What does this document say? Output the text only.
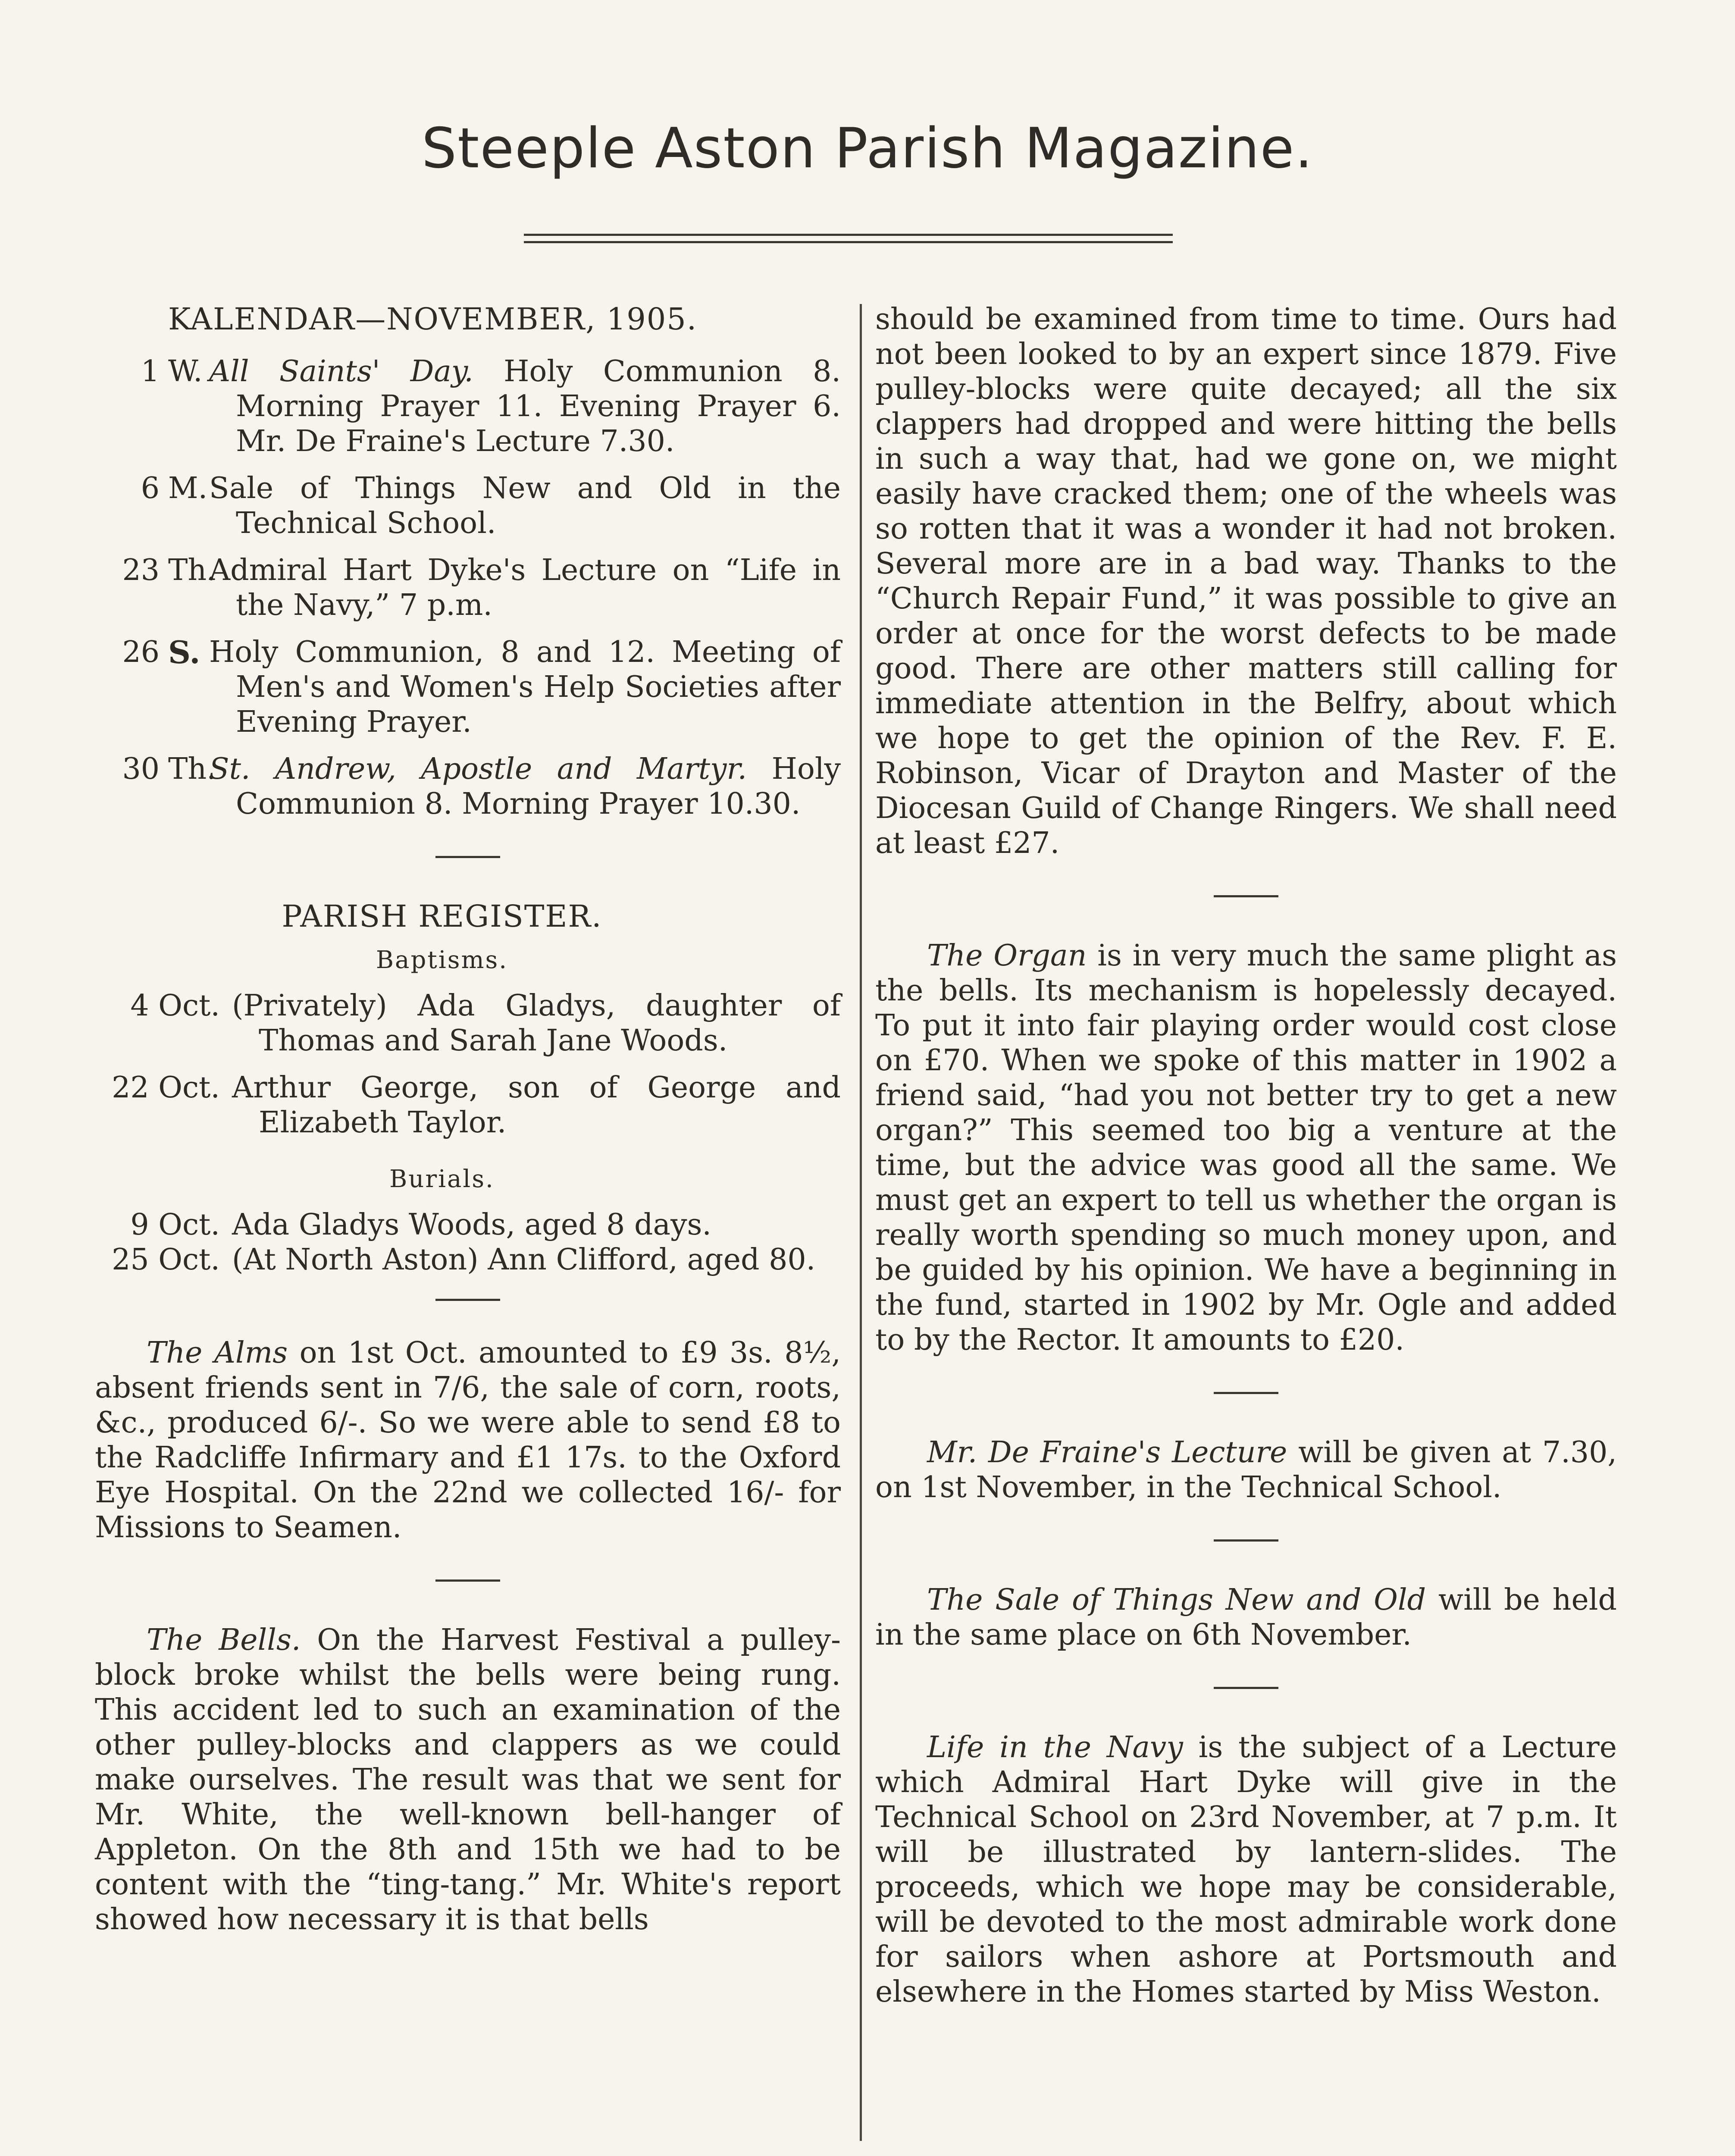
Steeple Aston Parish Magazine.
KALENDAR—NOVEMBER, 1905.
1 W. All Saints' Day. Holy Communion 8. Morning Prayer 11. Evening Prayer 6. Mr. De Fraine's Lecture 7.30.
6 M. Sale of Things New and Old in the Technical School.
23 Th.
Admiral Hart Dyke's Lecture on “Life in the Navy,” 7 p.m.
26 S. Holy Communion, 8 and 12. Meeting of Men's and Women's Help Societies after Evening Prayer.
30 Th.
St. Andrew, Apostle and Martyr. Holy Communion 8. Morning Prayer 10.30.
PARISH REGISTER.
Baptisms.
4 Oct. (Privately) Ada Gladys, daughter of Thomas and Sarah Jane Woods.
22 Oct. Arthur George, son of George and Elizabeth Taylor.
Burials.
9 Oct. Ada Gladys Woods, aged 8 days.
25 Oct. (At North Aston) Ann Clifford, aged 80.

The Alms on 1st Oct. amounted to £9 3s. 8½, absent friends sent in 7/6, the sale of corn, roots, &c., produced 6/-. So we were able to send £8 to the Radcliffe Infirmary and £1 17s. to the Oxford Eye Hospital. On the 22nd we collected 16/- for Missions to Seamen.

The Bells. On the Harvest Festival a pulley-block broke whilst the bells were being rung. This accident led to such an examination of the other pulley-blocks and clappers as we could make ourselves. The result was that we sent for Mr. White, the well-known bell-hanger of Appleton. On the 8th and 15th we had to be content with the “ting-tang.” Mr. White's report showed how necessary it is that bells

should be examined from time to time. Ours had not been looked to by an expert since 1879. Five pulley-blocks were quite decayed; all the six clappers had dropped and were hitting the bells in such a way that, had we gone on, we might easily have cracked them; one of the wheels was so rotten that it was a wonder it had not broken. Several more are in a bad way. Thanks to the “Church Repair Fund,” it was possible to give an order at once for the worst defects to be made good. There are other matters still calling for immediate attention in the Belfry, about which we hope to get the opinion of the Rev. F. E. Robinson, Vicar of Drayton and Master of the Diocesan Guild of Change Ringers. We shall need at least £27.

The Organ is in very much the same plight as the bells. Its mechanism is hopelessly decayed. To put it into fair playing order would cost close on £70. When we spoke of this matter in 1902 a friend said, “had you not better try to get a new organ?” This seemed too big a venture at the time, but the advice was good all the same. We must get an expert to tell us whether the organ is really worth spending so much money upon, and be guided by his opinion. We have a beginning in the fund, started in 1902 by Mr. Ogle and added to by the Rector. It amounts to £20.

Mr. De Fraine's Lecture will be given at 7.30, on 1st November, in the Technical School.

The Sale of Things New and Old will be held in the same place on 6th November.

Life in the Navy is the subject of a Lecture which Admiral Hart Dyke will give in the Technical School on 23rd November, at 7 p.m. It will be illustrated by lantern-slides. The proceeds, which we hope may be considerable, will be devoted to the most admirable work done for sailors when ashore at Portsmouth and elsewhere in the Homes started by Miss Weston.
